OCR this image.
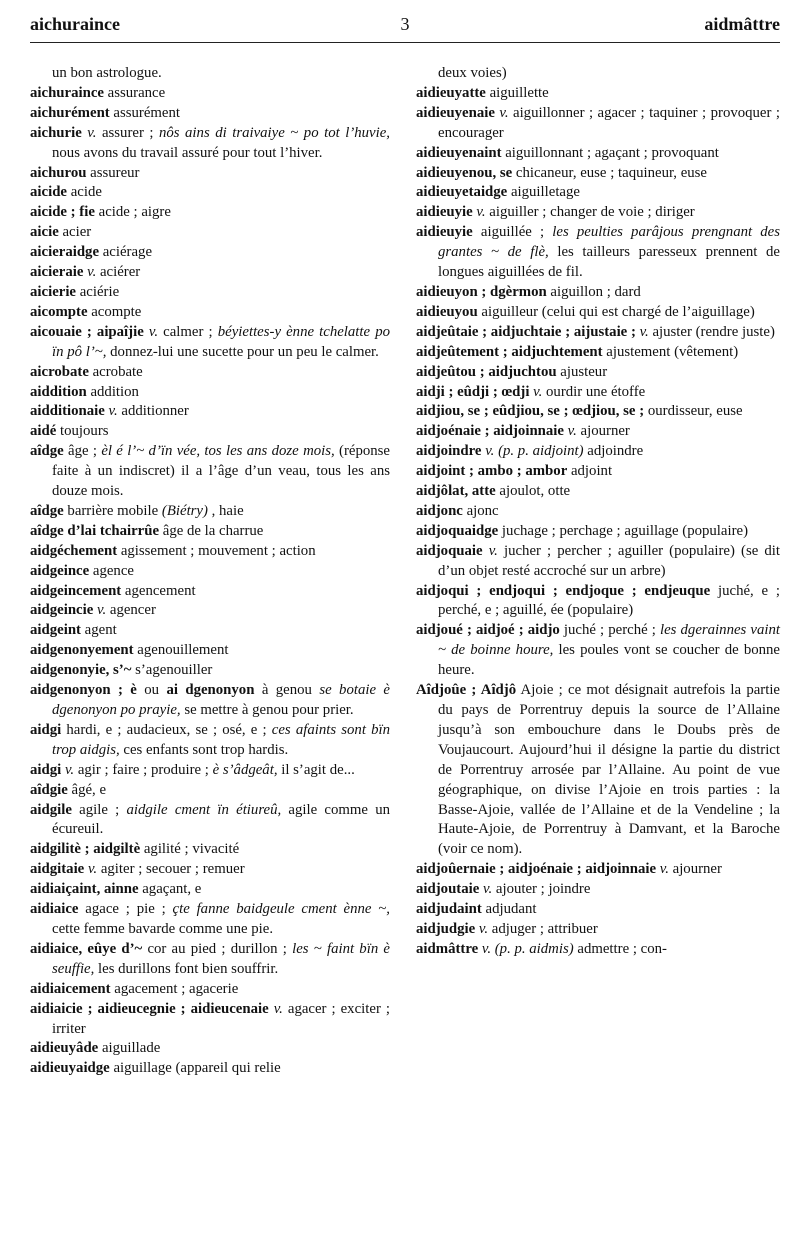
aichuraince	3	aidmâttre

un bon astrologue.

aichuraince assurance

aichurément assurément

aichurie v. assurer ; nôs ains di traivaiye ~ po tot l’huvie, nous avons du travail assuré pour tout l’hiver.

aichurou assureur

aicide acide

aicide ; fie acide ; aigre

aicie acier

aicieraidge aciérage

aicieraie v. aciérer

aicierie aciérie

aicompte acompte

aicouaie ; aipaîjie v. calmer ; béyiettes-y ènne tchelatte po ïn pô l’~, donnez-lui une sucette pour un peu le calmer.

aicrobate acrobate

aiddition addition

aidditionaie v. additionner

aidé toujours

aîdge âge ; èl é l’~ d’ïn vée, tos les ans doze mois, (réponse faite à un indiscret) il a l’âge d’un veau, tous les ans douze mois.

aîdge barrière mobile (Biétry) , haie

aîdge d’lai tchairrûe âge de la charrue

aidgéchement agissement ; mouvement ; action

aidgeince agence

aidgeincement agencement

aidgeincie v. agencer

aidgeint agent

aidgenonyement agenouillement

aidgenonyie, s’~ s’agenouiller

aidgenonyon ; è ou ai dgenonyon à genou se botaie è dgenonyon po prayie, se mettre à genou pour prier.

aidgi hardi, e ; audacieux, se ; osé, e ; ces afaints sont bïn trop aidgis, ces enfants sont trop hardis.

aidgi v. agir ; faire ; produire ; è s’âdgeât, il s’agit de...

aîdgie âgé, e

aidgile agile ; aidgile cment ïn étiureû, agile comme un écureuil.

aidgilitè ; aidgiltè agilité ; vivacité

aidgitaie v. agiter ; secouer ; remuer

aidiaiçaint, ainne agaçant, e

aidiaice agace ; pie ; çte fanne baidgeule cment ènne ~, cette femme bavarde comme une pie.

aidiaice, eûye d’~ cor au pied ; durillon ; les ~ faint bïn è seuffie, les durillons font bien souffrir.

aidiaicement agacement ; agacerie

aidiaicie ; aidieucegnie ; aidieucenaie v. agacer ; exciter ; irriter

aidieuyâde aiguillade

aidieuyaidge aiguillage (appareil qui relie

deux voies)

aidieuyatte aiguillette

aidieuyenaie v. aiguillonner ; agacer ; taquiner ; provoquer ; encourager

aidieuyenaint aiguillonnant ; agaçant ; provoquant

aidieuyenou, se chicaneur, euse ; taquineur, euse

aidieuyetaidge aiguilletage

aidieuyie v. aiguiller ; changer de voie ; diriger

aidieuyie aiguillée ; les peulties parâjous prengnant des grantes ~ de flè, les tailleurs paresseux prennent de longues aiguillées de fil.

aidieuyon ; dgèrmon aiguillon ; dard

aidieuyou aiguilleur (celui qui est chargé de l’aiguillage)

aidjeûtaie ; aidjuchtaie ; aijustaie ; v. ajuster (rendre juste)

aidjeûtement ; aidjuchtement ajustement (vêtement)

aidjeûtou ; aidjuchtou ajusteur

aidji ; eûdji ; œdji v. ourdir une étoffe

aidjiou, se ; eûdjiou, se ; œdjiou, se ; ourdisseur, euse

aidjoénaie ; aidjoinnaie v. ajourner

aidjoindre v. (p. p. aidjoint) adjoindre

aidjoint ; ambo ; ambor adjoint

aidjôlat, atte ajoulot, otte

aidjonc ajonc

aidjoquaidge juchage ; perchage ; aguillage (populaire)

aidjoquaie v. jucher ; percher ; aguiller (populaire) (se dit d’un objet resté accroché sur un arbre)

aidjoqui ; endjoqui ; endjoque ; endjeuque juché, e ; perché, e ; aguillé, ée (populaire)

aidjoué ; aidjoé ; aidjo juché ; perché ; les dgerainnes vaint ~ de boinne houre, les poules vont se coucher de bonne heure.

Aîdjoûe ; Aîdjô Ajoie ; ce mot désignait autrefois la partie du pays de Porrentruy depuis la source de l’Allaine jusqu’à son embouchure dans le Doubs près de Voujaucourt. Aujourd’hui il désigne la partie du district de Porrentruy arrosée par l’Allaine. Au point de vue géographique, on divise l’Ajoie en trois parties : la Basse-Ajoie, vallée de l’Allaine et de la Vendeline ; la Haute-Ajoie, de Porrentruy à Damvant, et la Baroche (voir ce nom).

aidjoûernaie ; aidjoénaie ; aidjoinnaie v. ajourner

aidjoutaie v. ajouter ; joindre

aidjudaint adjudant

aidjudgie v. adjuger ; attribuer

aidmâttre v. (p. p. aidmis) admettre ; con-
